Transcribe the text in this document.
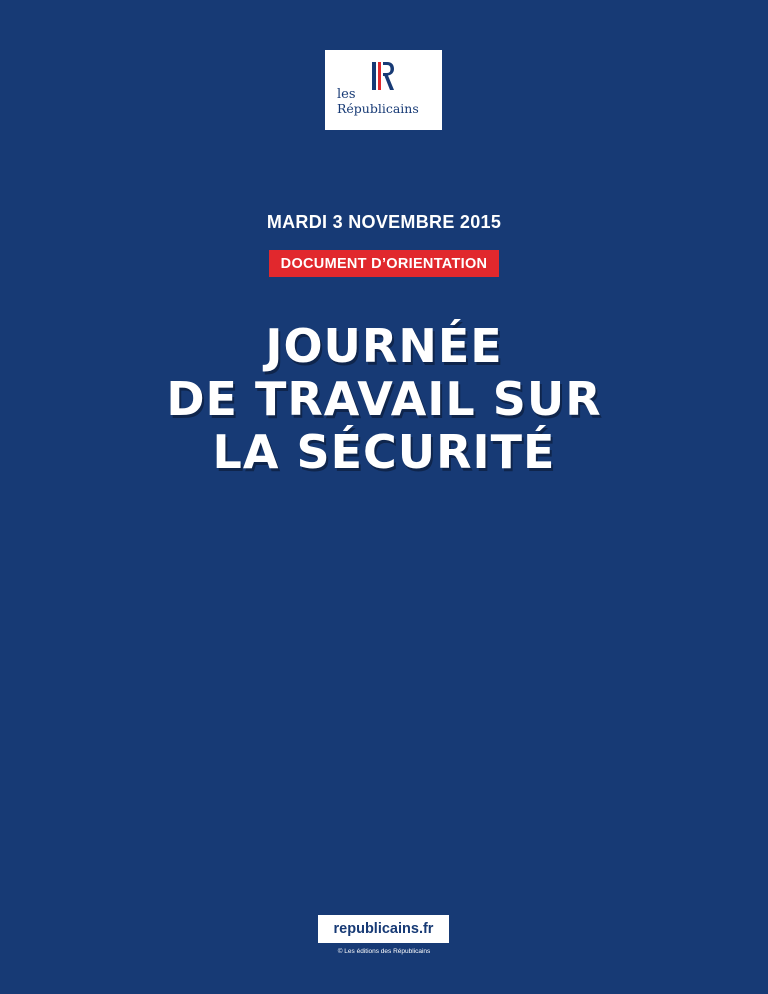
les
Républicains
MARDI 3 NOVEMBRE 2015
DOCUMENT D’ORIENTATION
JOURNÉE
DE TRAVAIL SUR
LA SÉCURITÉ
republicains.fr
© Les éditions des Républicains
